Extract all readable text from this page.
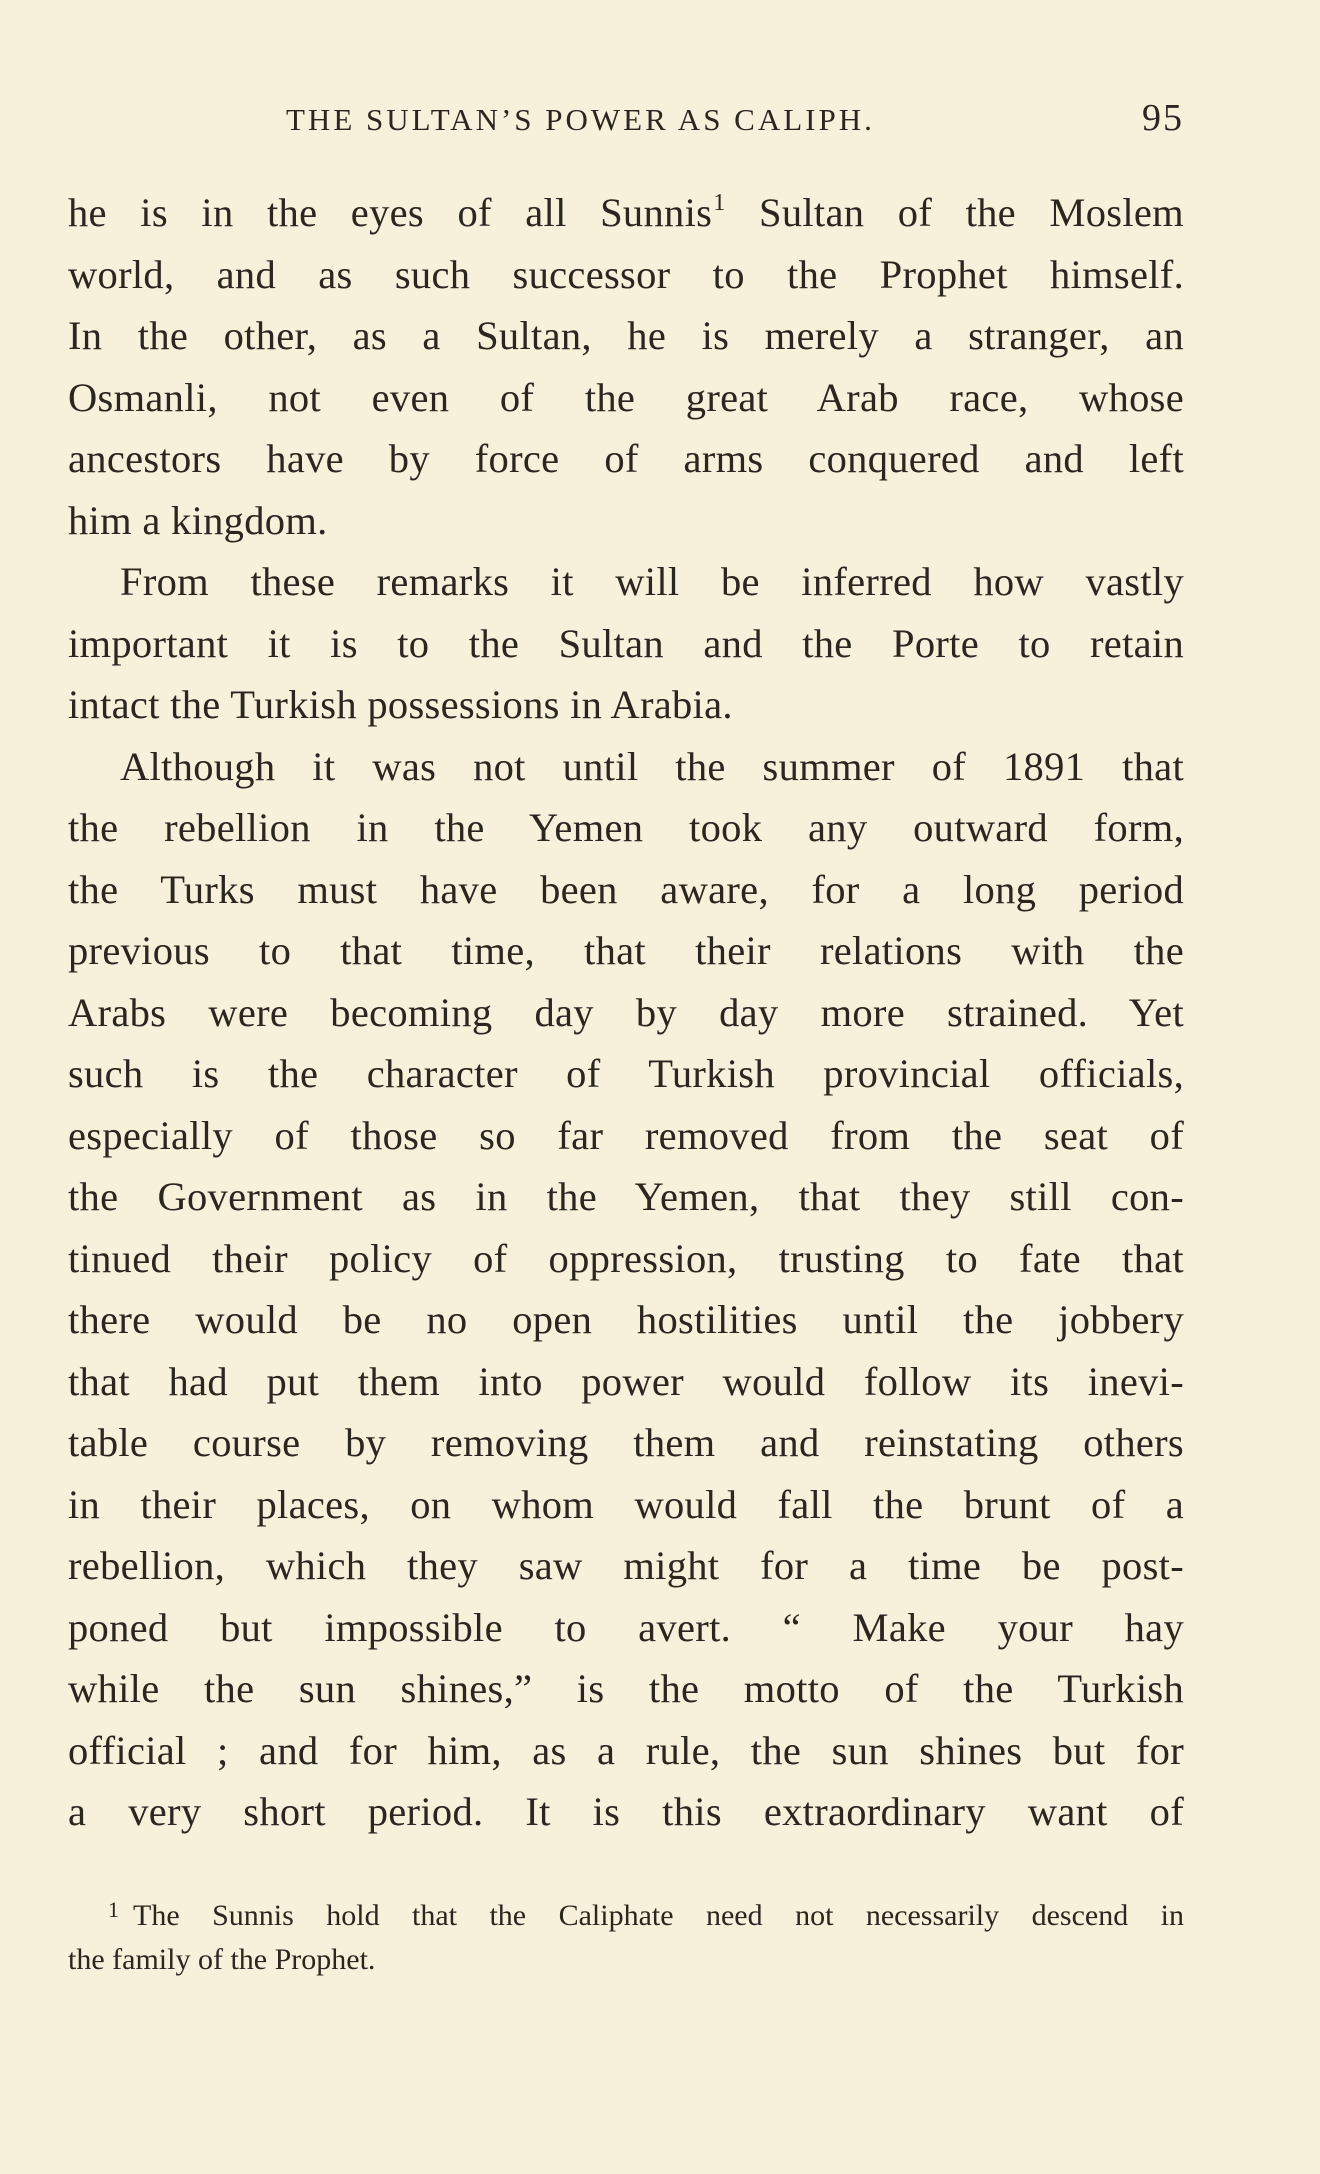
THE SULTAN’S POWER AS CALIPH.	95

he is in the eyes of all Sunnis$^1$ Sultan of the Moslem
world, and as such successor to the Prophet himself.
In the other, as a Sultan, he is merely a stranger, an
Osmanli, not even of the great Arab race, whose
ancestors have by force of arms conquered and left
him a kingdom.

From these remarks it will be inferred how vastly
important it is to the Sultan and the Porte to retain
intact the Turkish possessions in Arabia.

Although it was not until the summer of 1891 that
the rebellion in the Yemen took any outward form,
the Turks must have been aware, for a long period
previous to that time, that their relations with the
Arabs were becoming day by day more strained. Yet
such is the character of Turkish provincial officials,
especially of those so far removed from the seat of
the Government as in the Yemen, that they still con-
tinued their policy of oppression, trusting to fate that
there would be no open hostilities until the jobbery
that had put them into power would follow its inevi-
table course by removing them and reinstating others
in their places, on whom would fall the brunt of a
rebellion, which they saw might for a time be post-
poned but impossible to avert. “ Make your hay
while the sun shines,” is the motto of the Turkish
official ; and for him, as a rule, the sun shines but for
a very short period. It is this extraordinary want of

$^1$ The Sunnis hold that the Caliphate need not necessarily descend in
the family of the Prophet.
